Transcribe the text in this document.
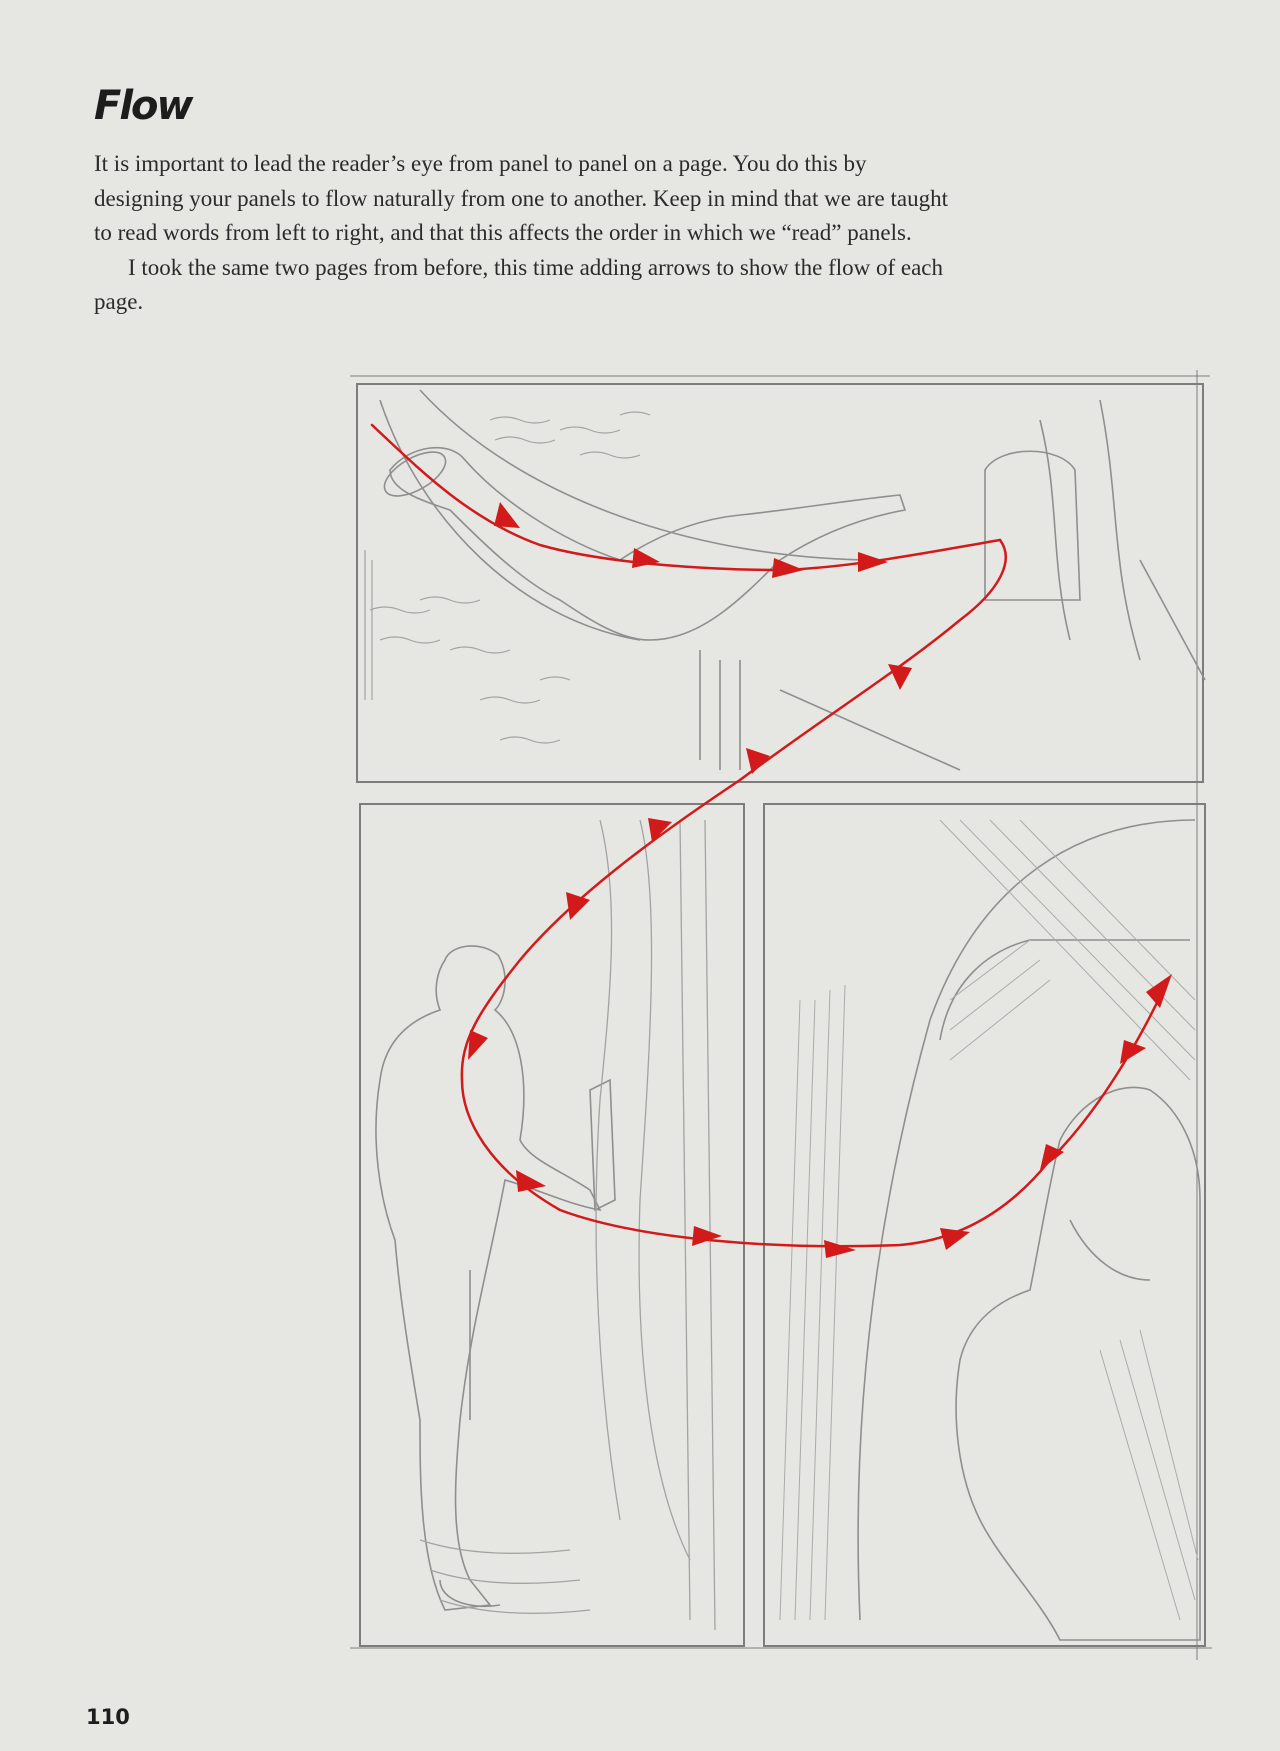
Flow

It is important to lead the reader’s eye from panel to panel on a page. You do this by designing your panels to flow naturally from one to another. Keep in mind that we are taught to read words from left to right, and that this affects the order in which we “read” panels.

I took the same two pages from before, this time adding arrows to show the flow of each page.

110
